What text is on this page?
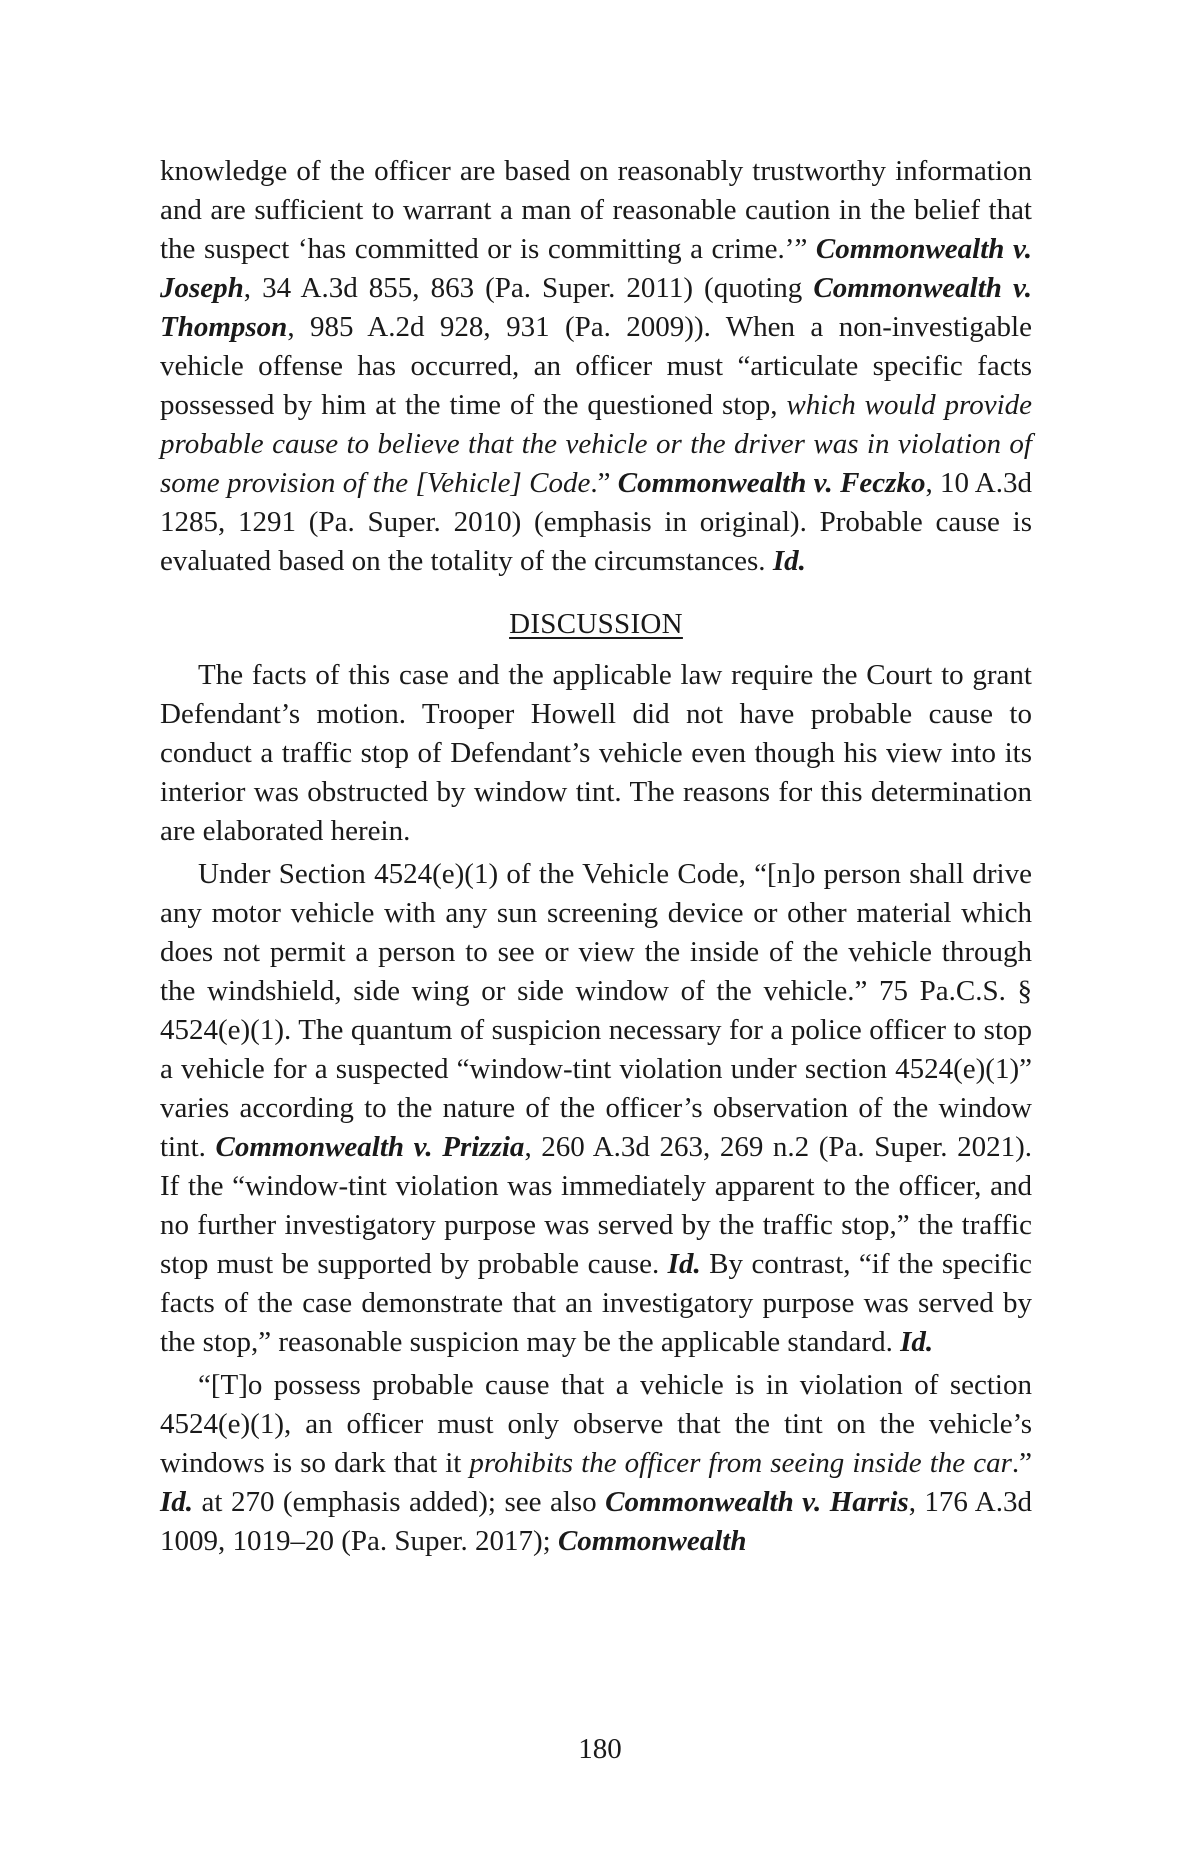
knowledge of the officer are based on reasonably trustworthy information and are sufficient to warrant a man of reasonable caution in the belief that the suspect ‘has committed or is committing a crime.’” Commonwealth v. Joseph, 34 A.3d 855, 863 (Pa. Super. 2011) (quoting Commonwealth v. Thompson, 985 A.2d 928, 931 (Pa. 2009)). When a non-investigable vehicle offense has occurred, an officer must “articulate specific facts possessed by him at the time of the questioned stop, which would provide probable cause to believe that the vehicle or the driver was in violation of some provision of the [Vehicle] Code.” Commonwealth v. Feczko, 10 A.3d 1285, 1291 (Pa. Super. 2010) (emphasis in original). Probable cause is evaluated based on the totality of the circumstances. Id.

DISCUSSION

The facts of this case and the applicable law require the Court to grant Defendant’s motion. Trooper Howell did not have probable cause to conduct a traffic stop of Defendant’s vehicle even though his view into its interior was obstructed by window tint. The reasons for this determination are elaborated herein.

Under Section 4524(e)(1) of the Vehicle Code, “[n]o person shall drive any motor vehicle with any sun screening device or other material which does not permit a person to see or view the inside of the vehicle through the windshield, side wing or side window of the vehicle.” 75 Pa.C.S. § 4524(e)(1). The quantum of suspicion necessary for a police officer to stop a vehicle for a suspected “window-tint violation under section 4524(e)(1)” varies according to the nature of the officer’s observation of the window tint. Commonwealth v. Prizzia, 260 A.3d 263, 269 n.2 (Pa. Super. 2021). If the “window-tint violation was immediately apparent to the officer, and no further investigatory purpose was served by the traffic stop,” the traffic stop must be supported by probable cause. Id. By contrast, “if the specific facts of the case demonstrate that an investigatory purpose was served by the stop,” reasonable suspicion may be the applicable standard. Id.

“[T]o possess probable cause that a vehicle is in violation of section 4524(e)(1), an officer must only observe that the tint on the vehicle’s windows is so dark that it prohibits the officer from seeing inside the car.” Id. at 270 (emphasis added); see also Commonwealth v. Harris, 176 A.3d 1009, 1019–20 (Pa. Super. 2017); Commonwealth

180
